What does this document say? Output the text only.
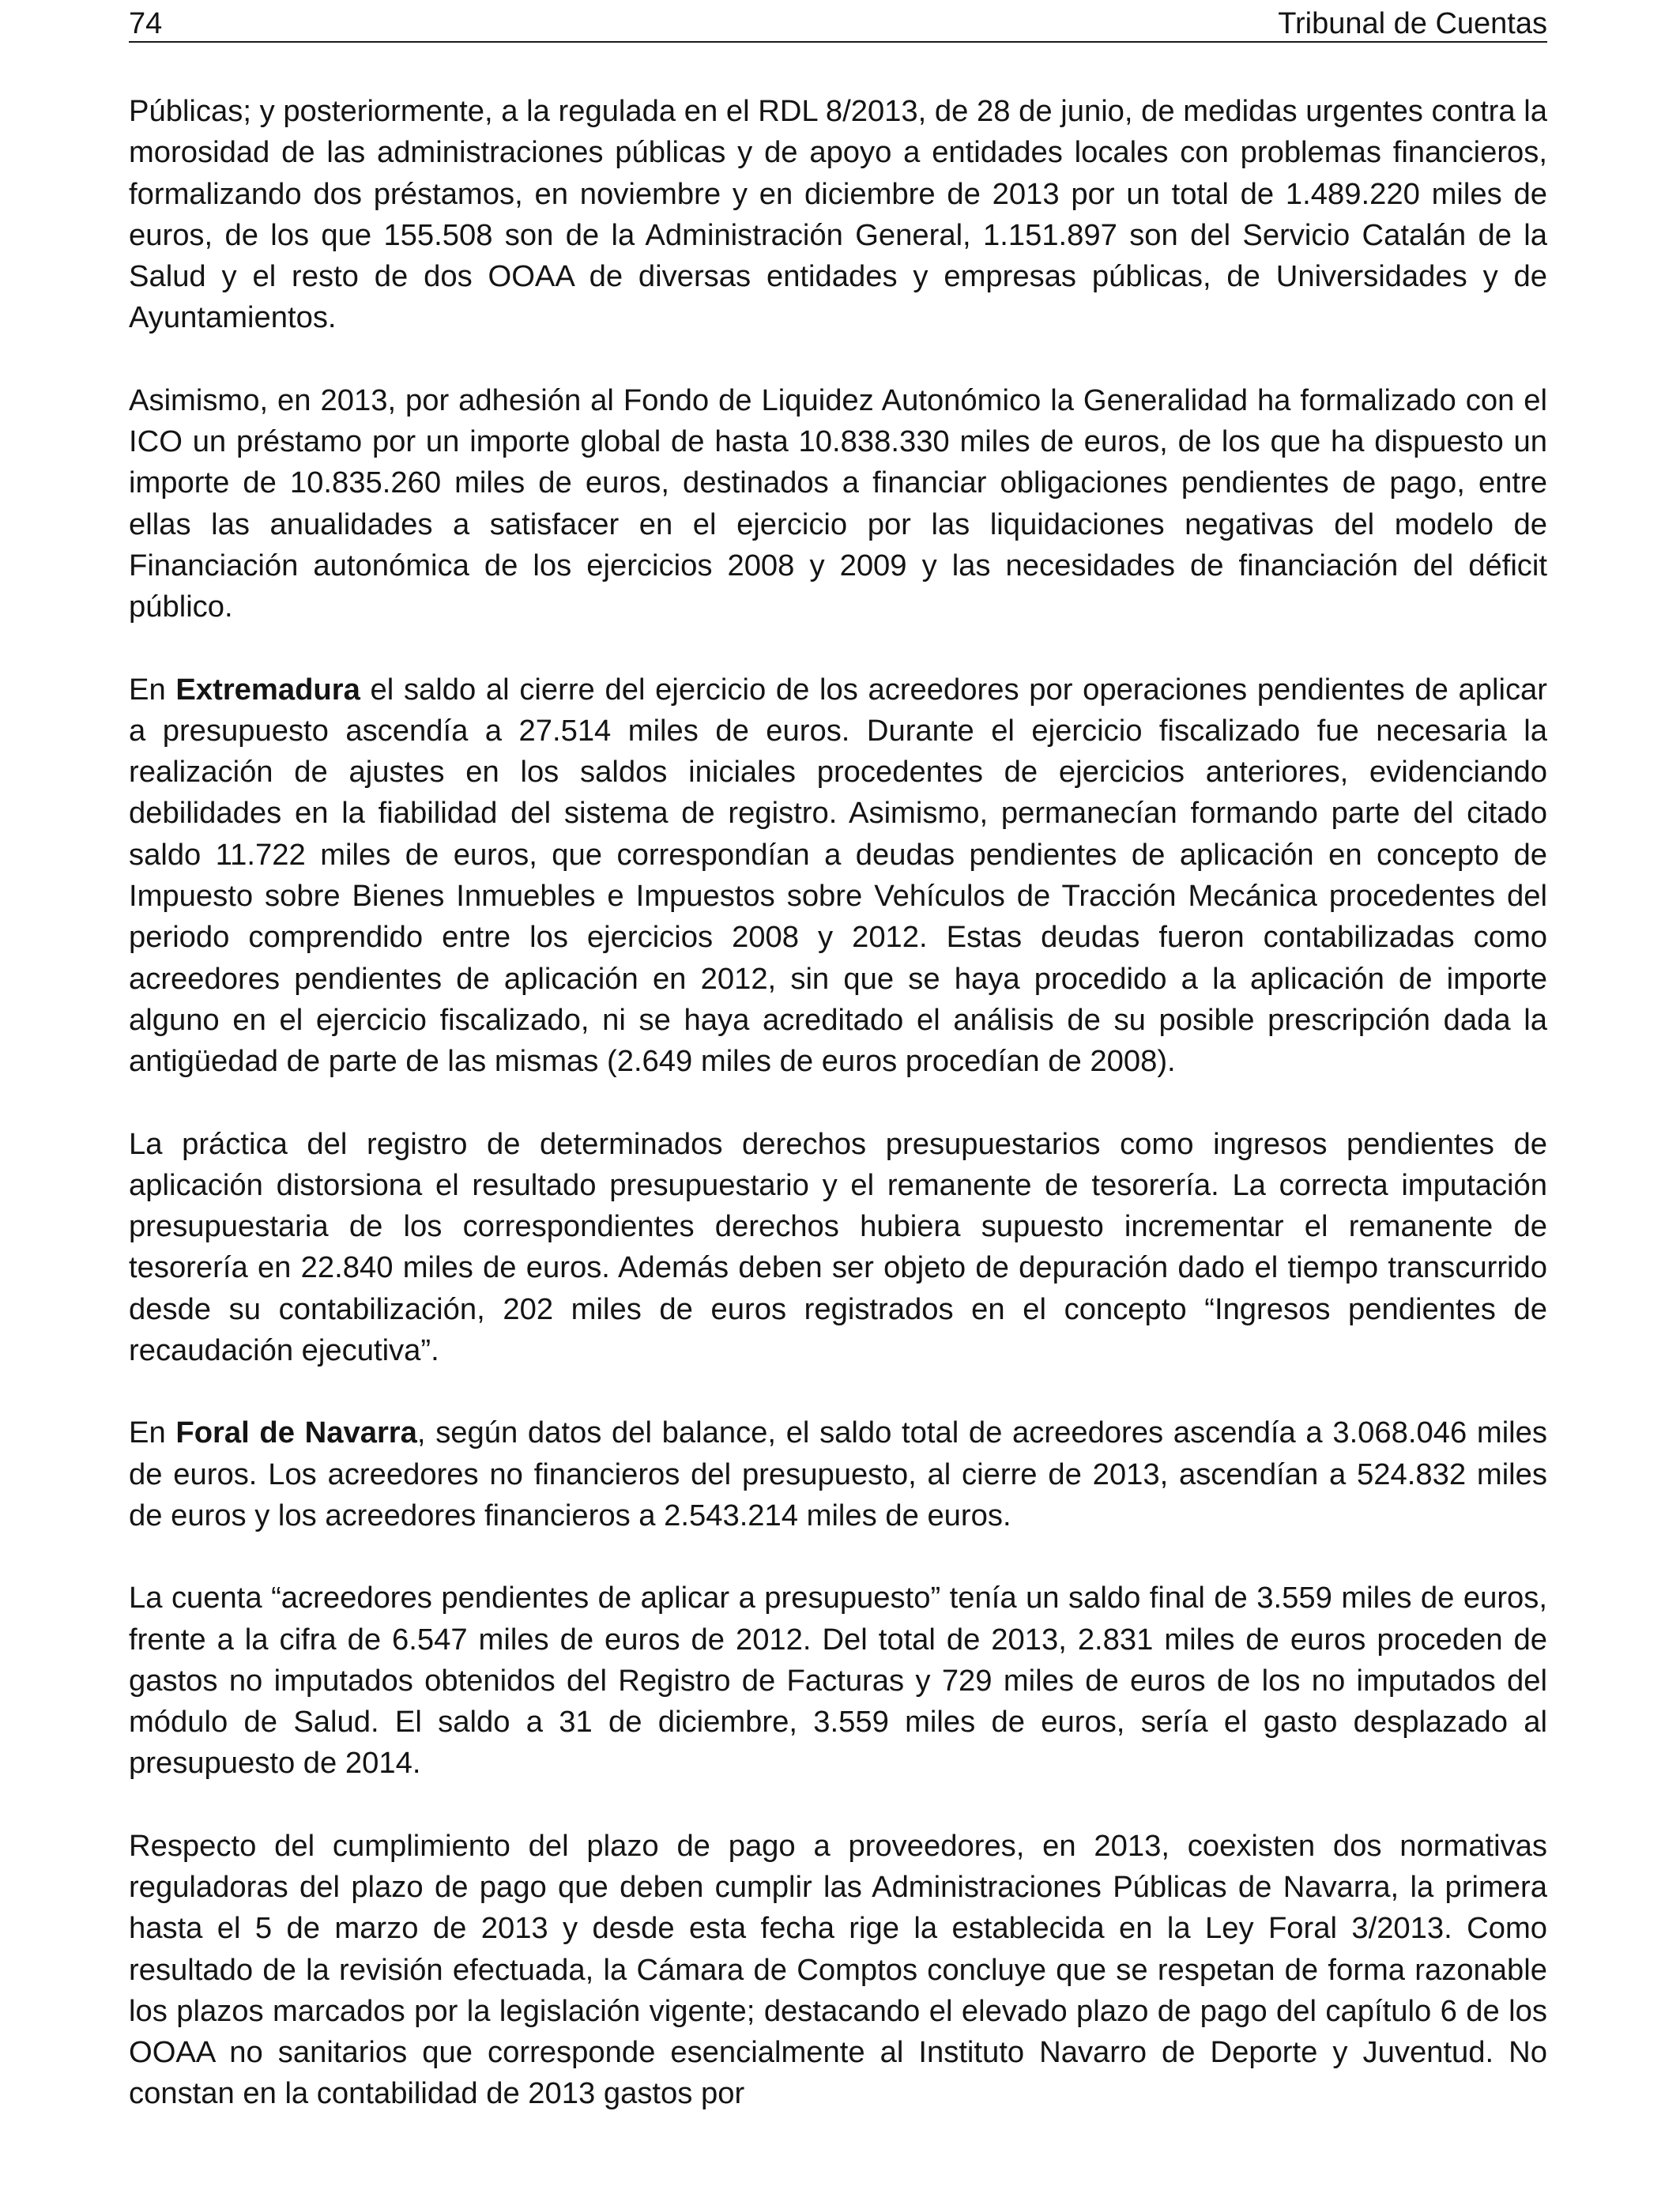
74	Tribunal de Cuentas

Públicas; y posteriormente, a la regulada en el RDL 8/2013, de 28 de junio, de medidas urgentes contra la morosidad de las administraciones públicas y de apoyo a entidades locales con problemas financieros, formalizando dos préstamos, en noviembre y en diciembre de 2013 por un total de 1.489.220 miles de euros, de los que 155.508 son de la Administración General, 1.151.897 son del Servicio Catalán de la Salud y el resto de dos OOAA de diversas entidades y empresas públicas, de Universidades y de Ayuntamientos.

Asimismo, en 2013, por adhesión al Fondo de Liquidez Autonómico la Generalidad ha formalizado con el ICO un préstamo por un importe global de hasta 10.838.330 miles de euros, de los que ha dispuesto un importe de 10.835.260 miles de euros, destinados a financiar obligaciones pendientes de pago, entre ellas las anualidades a satisfacer en el ejercicio por las liquidaciones negativas del modelo de Financiación autonómica de los ejercicios 2008 y 2009 y las necesidades de financiación del déficit público.

En Extremadura el saldo al cierre del ejercicio de los acreedores por operaciones pendientes de aplicar a presupuesto ascendía a 27.514 miles de euros. Durante el ejercicio fiscalizado fue necesaria la realización de ajustes en los saldos iniciales procedentes de ejercicios anteriores, evidenciando debilidades en la fiabilidad del sistema de registro. Asimismo, permanecían formando parte del citado saldo 11.722 miles de euros, que correspondían a deudas pendientes de aplicación en concepto de Impuesto sobre Bienes Inmuebles e Impuestos sobre Vehículos de Tracción Mecánica procedentes del periodo comprendido entre los ejercicios 2008 y 2012. Estas deudas fueron contabilizadas como acreedores pendientes de aplicación en 2012, sin que se haya procedido a la aplicación de importe alguno en el ejercicio fiscalizado, ni se haya acreditado el análisis de su posible prescripción dada la antigüedad de parte de las mismas (2.649 miles de euros procedían de 2008).

La práctica del registro de determinados derechos presupuestarios como ingresos pendientes de aplicación distorsiona el resultado presupuestario y el remanente de tesorería. La correcta imputación presupuestaria de los correspondientes derechos hubiera supuesto incrementar el remanente de tesorería en 22.840 miles de euros. Además deben ser objeto de depuración dado el tiempo transcurrido desde su contabilización, 202 miles de euros registrados en el concepto “Ingresos pendientes de recaudación ejecutiva”.

En Foral de Navarra, según datos del balance, el saldo total de acreedores ascendía a 3.068.046 miles de euros. Los acreedores no financieros del presupuesto, al cierre de 2013, ascendían a 524.832 miles de euros y los acreedores financieros a 2.543.214 miles de euros.

La cuenta “acreedores pendientes de aplicar a presupuesto” tenía un saldo final de 3.559 miles de euros, frente a la cifra de 6.547 miles de euros de 2012. Del total de 2013, 2.831 miles de euros proceden de gastos no imputados obtenidos del Registro de Facturas y 729 miles de euros de los no imputados del módulo de Salud. El saldo a 31 de diciembre, 3.559 miles de euros, sería el gasto desplazado al presupuesto de 2014.

Respecto del cumplimiento del plazo de pago a proveedores, en 2013, coexisten dos normativas reguladoras del plazo de pago que deben cumplir las Administraciones Públicas de Navarra, la primera hasta el 5 de marzo de 2013 y desde esta fecha rige la establecida en la Ley Foral 3/2013. Como resultado de la revisión efectuada, la Cámara de Comptos concluye que se respetan de forma razonable los plazos marcados por la legislación vigente; destacando el elevado plazo de pago del capítulo 6 de los OOAA no sanitarios que corresponde esencialmente al Instituto Navarro de Deporte y Juventud. No constan en la contabilidad de 2013 gastos por
